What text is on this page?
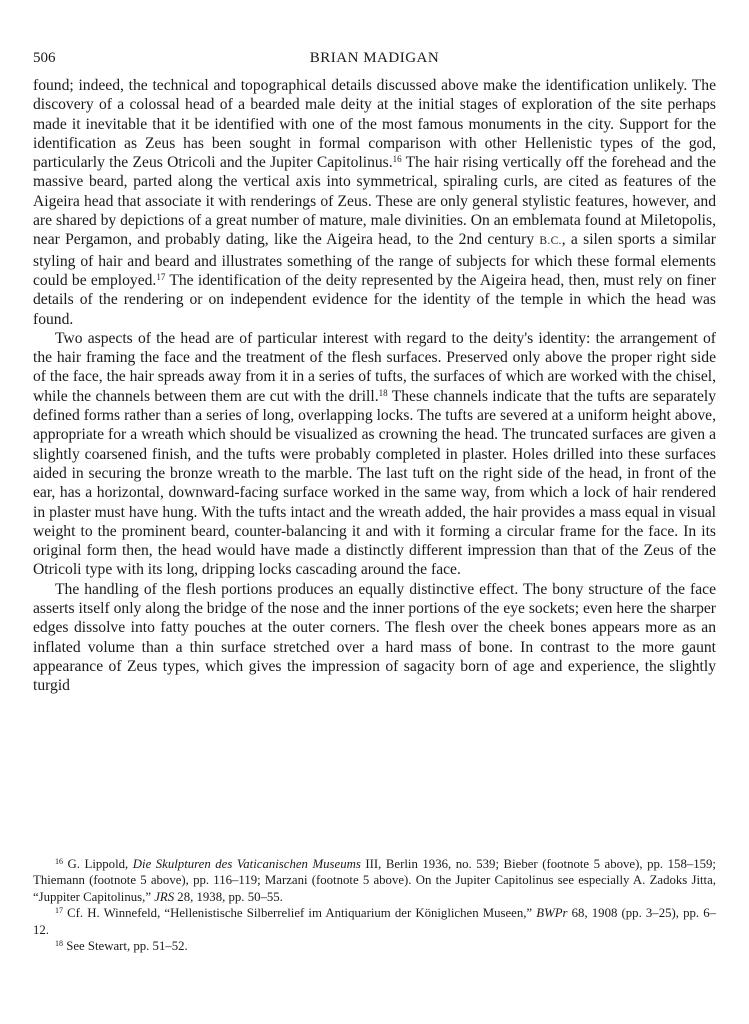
506	BRIAN MADIGAN

found; indeed, the technical and topographical details discussed above make the identification unlikely. The discovery of a colossal head of a bearded male deity at the initial stages of exploration of the site perhaps made it inevitable that it be identified with one of the most famous monuments in the city. Support for the identification as Zeus has been sought in formal comparison with other Hellenistic types of the god, particularly the Zeus Otricoli and the Jupiter Capitolinus.$^{16}$ The hair rising vertically off the forehead and the massive beard, parted along the vertical axis into symmetrical, spiraling curls, are cited as features of the Aigeira head that associate it with renderings of Zeus. These are only general stylistic features, however, and are shared by depictions of a great number of mature, male divinities. On an emblemata found at Miletopolis, near Pergamon, and probably dating, like the Aigeira head, to the 2nd century B.C., a silen sports a similar styling of hair and beard and illustrates something of the range of subjects for which these formal elements could be employed.$^{17}$ The identification of the deity represented by the Aigeira head, then, must rely on finer details of the rendering or on independent evidence for the identity of the temple in which the head was found.

Two aspects of the head are of particular interest with regard to the deity's identity: the arrangement of the hair framing the face and the treatment of the flesh surfaces. Preserved only above the proper right side of the face, the hair spreads away from it in a series of tufts, the surfaces of which are worked with the chisel, while the channels between them are cut with the drill.$^{18}$ These channels indicate that the tufts are separately defined forms rather than a series of long, overlapping locks. The tufts are severed at a uniform height above, appropriate for a wreath which should be visualized as crowning the head. The truncated surfaces are given a slightly coarsened finish, and the tufts were probably completed in plaster. Holes drilled into these surfaces aided in securing the bronze wreath to the marble. The last tuft on the right side of the head, in front of the ear, has a horizontal, downward-facing surface worked in the same way, from which a lock of hair rendered in plaster must have hung. With the tufts intact and the wreath added, the hair provides a mass equal in visual weight to the prominent beard, counter-balancing it and with it forming a circular frame for the face. In its original form then, the head would have made a distinctly different impression than that of the Zeus of the Otricoli type with its long, dripping locks cascading around the face.

The handling of the flesh portions produces an equally distinctive effect. The bony structure of the face asserts itself only along the bridge of the nose and the inner portions of the eye sockets; even here the sharper edges dissolve into fatty pouches at the outer corners. The flesh over the cheek bones appears more as an inflated volume than a thin surface stretched over a hard mass of bone. In contrast to the more gaunt appearance of Zeus types, which gives the impression of sagacity born of age and experience, the slightly turgid

$^{16}$ G. Lippold, Die Skulpturen des Vaticanischen Museums III, Berlin 1936, no. 539; Bieber (footnote 5 above), pp. 158–159; Thiemann (footnote 5 above), pp. 116–119; Marzani (footnote 5 above). On the Jupiter Capitolinus see especially A. Zadoks Jitta, “Juppiter Capitolinus,” JRS 28, 1938, pp. 50–55.

$^{17}$ Cf. H. Winnefeld, “Hellenistische Silberrelief im Antiquarium der Königlichen Museen,” BWPr 68, 1908 (pp. 3–25), pp. 6–12.

$^{18}$ See Stewart, pp. 51–52.
